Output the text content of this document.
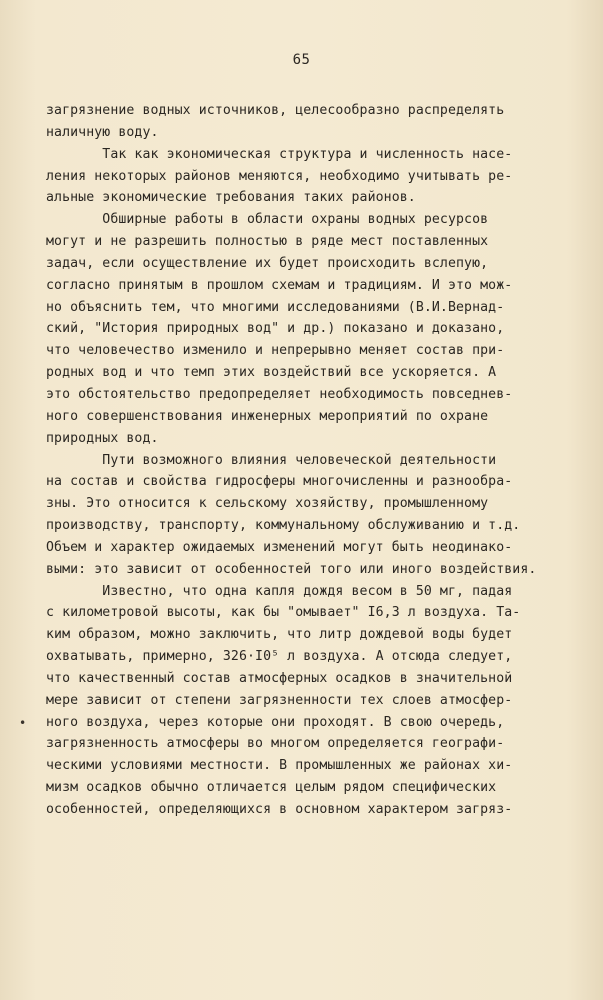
65
•
загрязнение водных источников, целесообразно распределять
наличную воду.
Так как экономическая структура и численность насе-
ления некоторых районов меняются, необходимо учитывать ре-
альные экономические требования таких районов.
Обширные работы в области охраны водных ресурсов
могут и не разрешить полностью в ряде мест поставленных
задач, если осуществление их будет происходить вслепую,
согласно принятым в прошлом схемам и традициям. И это мож-
но объяснить тем, что многими исследованиями (В.И.Вернад-
ский, "История природных вод" и др.) показано и доказано,
что человечество изменило и непрерывно меняет состав при-
родных вод и что темп этих воздействий все ускоряется. А
это обстоятельство предопределяет необходимость повседнев-
ного совершенствования инженерных мероприятий по охране
природных вод.
Пути возможного влияния человеческой деятельности
на состав и свойства гидросферы многочисленны и разнообра-
зны. Это относится к сельскому хозяйству, промышленному
производству, транспорту, коммунальному обслуживанию и т.д.
Объем и характер ожидаемых изменений могут быть неодинако-
выми: это зависит от особенностей того или иного воздействия.
Известно, что одна капля дождя весом в 50 мг, падая
с километровой высоты, как бы "омывает" I6,3 л воздуха. Та-
ким образом, можно заключить, что литр дождевой воды будет
охватывать, примерно, 326·I0⁵ л воздуха. А отсюда следует,
что качественный состав атмосферных осадков в значительной
мере зависит от степени загрязненности тех слоев атмосфер-
ного воздуха, через которые они проходят. В свою очередь,
загрязненность атмосферы во многом определяется географи-
ческими условиями местности. В промышленных же районах хи-
мизм осадков обычно отличается целым рядом специфических
особенностей, определяющихся в основном характером загряз-
